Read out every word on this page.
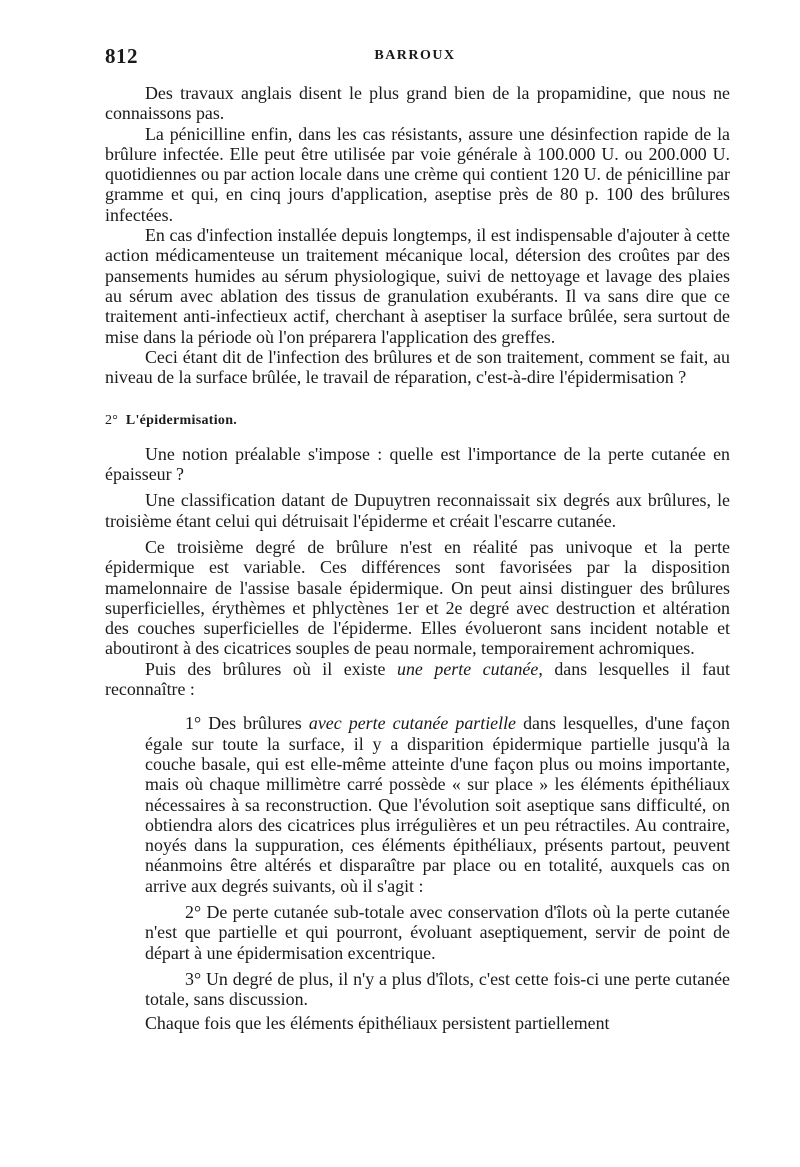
812	BARROUX

Des travaux anglais disent le plus grand bien de la propamidine, que nous ne connaissons pas.

La pénicilline enfin, dans les cas résistants, assure une désinfection rapide de la brûlure infectée. Elle peut être utilisée par voie générale à 100.000 U. ou 200.000 U. quotidiennes ou par action locale dans une crème qui contient 120 U. de pénicilline par gramme et qui, en cinq jours d'application, aseptise près de 80 p. 100 des brûlures infectées.

En cas d'infection installée depuis longtemps, il est indispensable d'ajouter à cette action médicamenteuse un traitement mécanique local, détersion des croûtes par des pansements humides au sérum physiologique, suivi de nettoyage et lavage des plaies au sérum avec ablation des tissus de granulation exubérants. Il va sans dire que ce traitement anti-infectieux actif, cherchant à aseptiser la surface brûlée, sera surtout de mise dans la période où l'on préparera l'application des greffes.

Ceci étant dit de l'infection des brûlures et de son traitement, comment se fait, au niveau de la surface brûlée, le travail de réparation, c'est-à-dire l'épidermisation ?

2° L'épidermisation.

Une notion préalable s'impose : quelle est l'importance de la perte cutanée en épaisseur ?

Une classification datant de Dupuytren reconnaissait six degrés aux brûlures, le troisième étant celui qui détruisait l'épiderme et créait l'escarre cutanée.

Ce troisième degré de brûlure n'est en réalité pas univoque et la perte épidermique est variable. Ces différences sont favorisées par la disposition mamelonnaire de l'assise basale épidermique. On peut ainsi distinguer des brûlures superficielles, érythèmes et phlyctènes 1er et 2e degré avec destruction et altération des couches superficielles de l'épiderme. Elles évolueront sans incident notable et aboutiront à des cicatrices souples de peau normale, temporairement achromiques.

Puis des brûlures où il existe une perte cutanée, dans lesquelles il faut reconnaître :

1° Des brûlures avec perte cutanée partielle dans lesquelles, d'une façon égale sur toute la surface, il y a disparition épidermique partielle jusqu'à la couche basale, qui est elle-même atteinte d'une façon plus ou moins importante, mais où chaque millimètre carré possède « sur place » les éléments épithéliaux nécessaires à sa reconstruction. Que l'évolution soit aseptique sans difficulté, on obtiendra alors des cicatrices plus irrégulières et un peu rétractiles. Au contraire, noyés dans la suppuration, ces éléments épithéliaux, présents partout, peuvent néanmoins être altérés et disparaître par place ou en totalité, auxquels cas on arrive aux degrés suivants, où il s'agit :

2° De perte cutanée sub-totale avec conservation d'îlots où la perte cutanée n'est que partielle et qui pourront, évoluant aseptiquement, servir de point de départ à une épidermisation excentrique.

3° Un degré de plus, il n'y a plus d'îlots, c'est cette fois-ci une perte cutanée totale, sans discussion.

Chaque fois que les éléments épithéliaux persistent partiellement
